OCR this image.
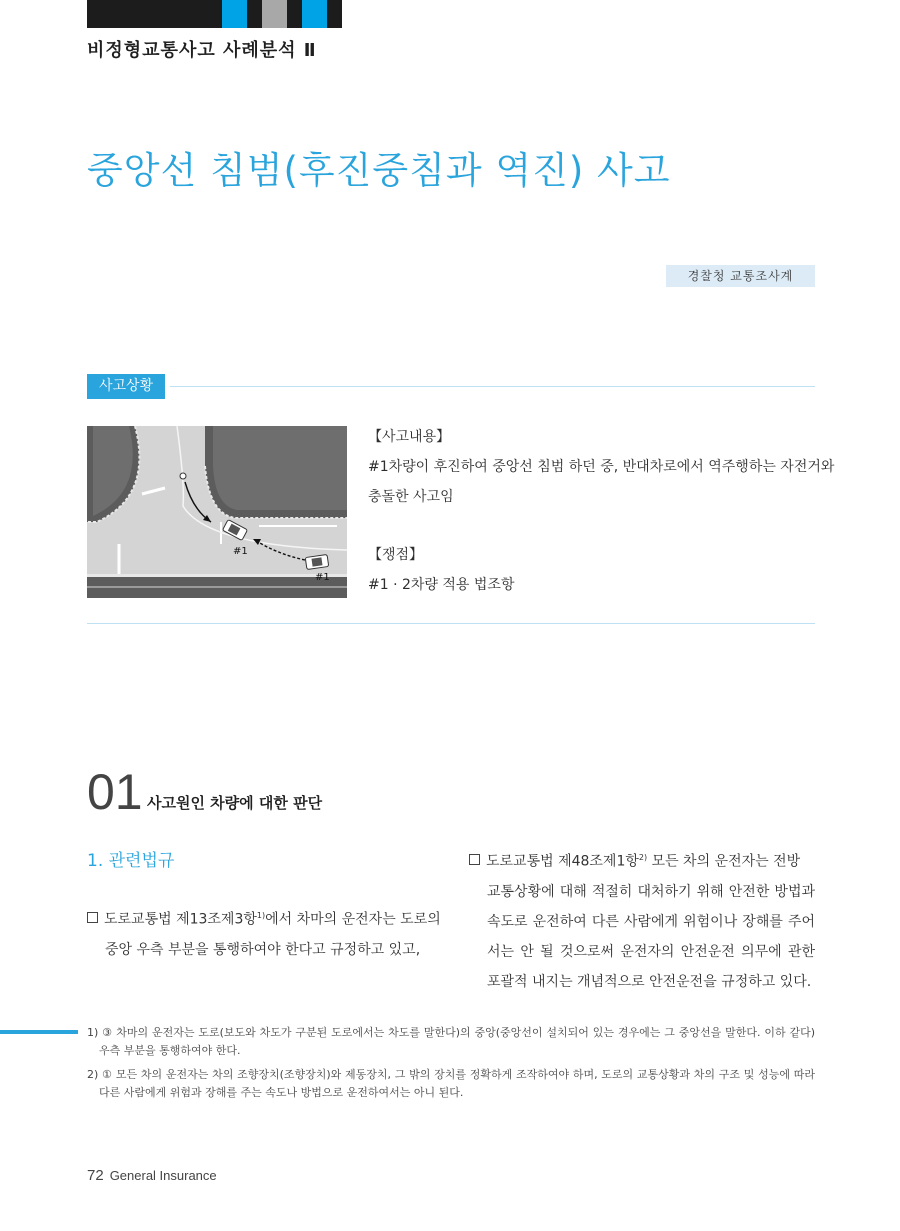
비정형교통사고 사례분석 Ⅱ
중앙선 침범(후진중침과 역진) 사고
경찰청 교통조사계
사고상황
#1
#1

【사고내용】

#1차량이 후진하여 중앙선 침범 하던 중, 반대차로에서 역주행하는 자전거와

충돌한 사고임

【쟁점】

#1 · 2차량 적용 법조항

01 사고원인 차량에 대한 판단
1. 관련법규
도로교통법 제13조제3항$^{1)}$에서 차마의 운전자는 도로의
중앙 우측 부분을 통행하여야 한다고 규정하고 있고,
도로교통법 제48조제1항$^{2)}$ 모든 차의 운전자는 전방
교통상황에 대해 적절히 대처하기 위해 안전한 방법과 속도로 운전하여 다른 사람에게 위험이나 장해를 주어서는 안 될 것으로써 운전자의 안전운전 의무에 관한 포괄적 내지는 개념적으로 안전운전을 규정하고 있다.
1) ③ 차마의 운전자는 도로(보도와 차도가 구분된 도로에서는 차도를 말한다)의 중앙(중앙선이 설치되어 있는 경우에는 그 중앙선을 말한다. 이하 같다) 우측 부분을 통행하여야 한다.
2) ① 모든 차의 운전자는 차의 조향장치(조향장치)와 제동장치, 그 밖의 장치를 정확하게 조작하여야 하며, 도로의 교통상황과 차의 구조 및 성능에 따라 다른 사람에게 위험과 장해를 주는 속도나 방법으로 운전하여서는 아니 된다.
72 General Insurance
